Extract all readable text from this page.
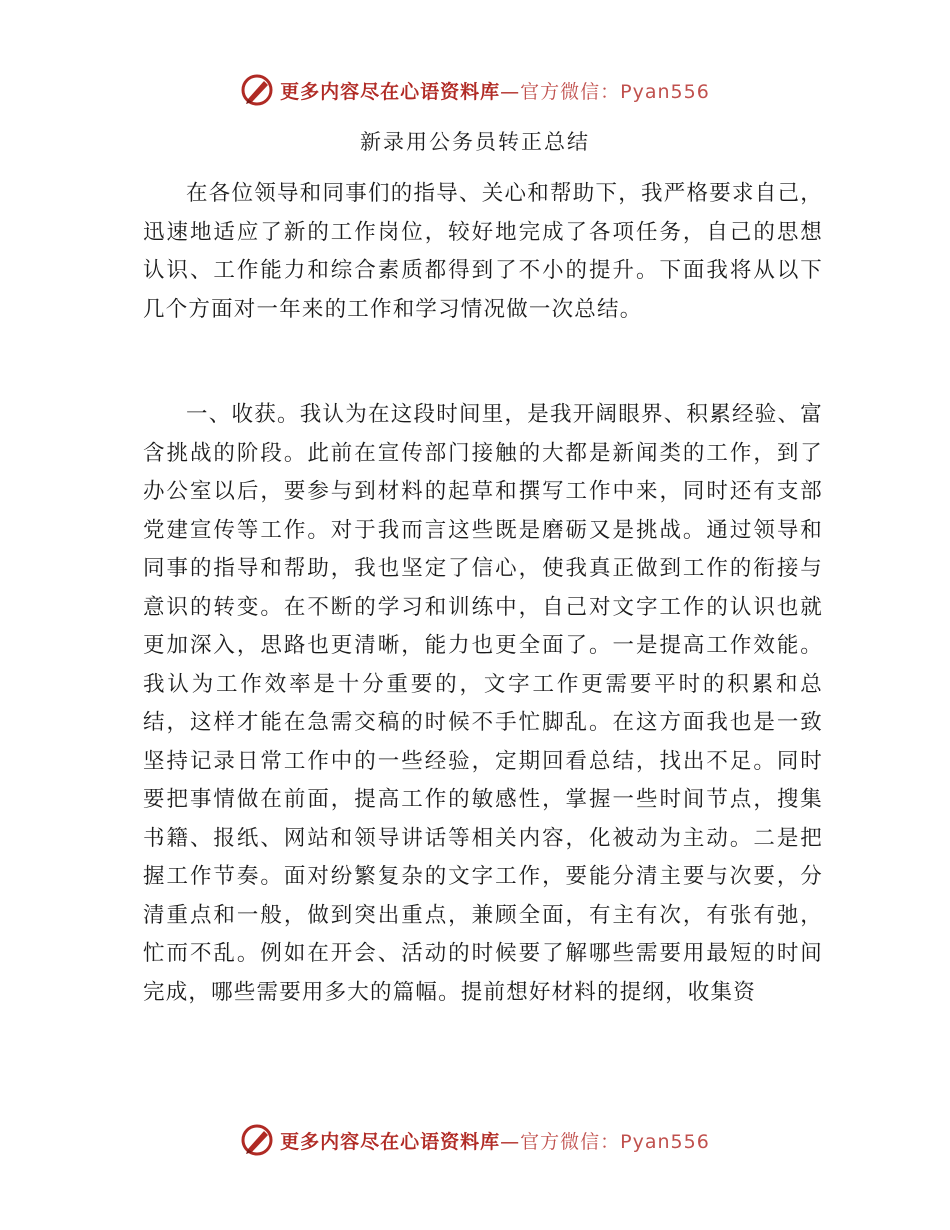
更多内容尽在心语资料库—官方微信：Pyan556
新录用公务员转正总结

在各位领导和同事们的指导、关心和帮助下，我严格要求自己，迅速地适应了新的工作岗位，较好地完成了各项任务，自己的思想认识、工作能力和综合素质都得到了不小的提升。下面我将从以下几个方面对一年来的工作和学习情况做一次总结。

一、收获。我认为在这段时间里，是我开阔眼界、积累经验、富含挑战的阶段。此前在宣传部门接触的大都是新闻类的工作，到了办公室以后，要参与到材料的起草和撰写工作中来，同时还有支部党建宣传等工作。对于我而言这些既是磨砺又是挑战。通过领导和同事的指导和帮助，我也坚定了信心，使我真正做到工作的衔接与意识的转变。在不断的学习和训练中，自己对文字工作的认识也就更加深入，思路也更清晰，能力也更全面了。一是提高工作效能。我认为工作效率是十分重要的，文字工作更需要平时的积累和总结，这样才能在急需交稿的时候不手忙脚乱。在这方面我也是一致坚持记录日常工作中的一些经验，定期回看总结，找出不足。同时要把事情做在前面，提高工作的敏感性，掌握一些时间节点，搜集书籍、报纸、网站和领导讲话等相关内容，化被动为主动。二是把握工作节奏。面对纷繁复杂的文字工作，要能分清主要与次要，分清重点和一般，做到突出重点，兼顾全面，有主有次，有张有弛，忙而不乱。例如在开会、活动的时候要了解哪些需要用最短的时间完成，哪些需要用多大的篇幅。提前想好材料的提纲，收集资

更多内容尽在心语资料库—官方微信：Pyan556
